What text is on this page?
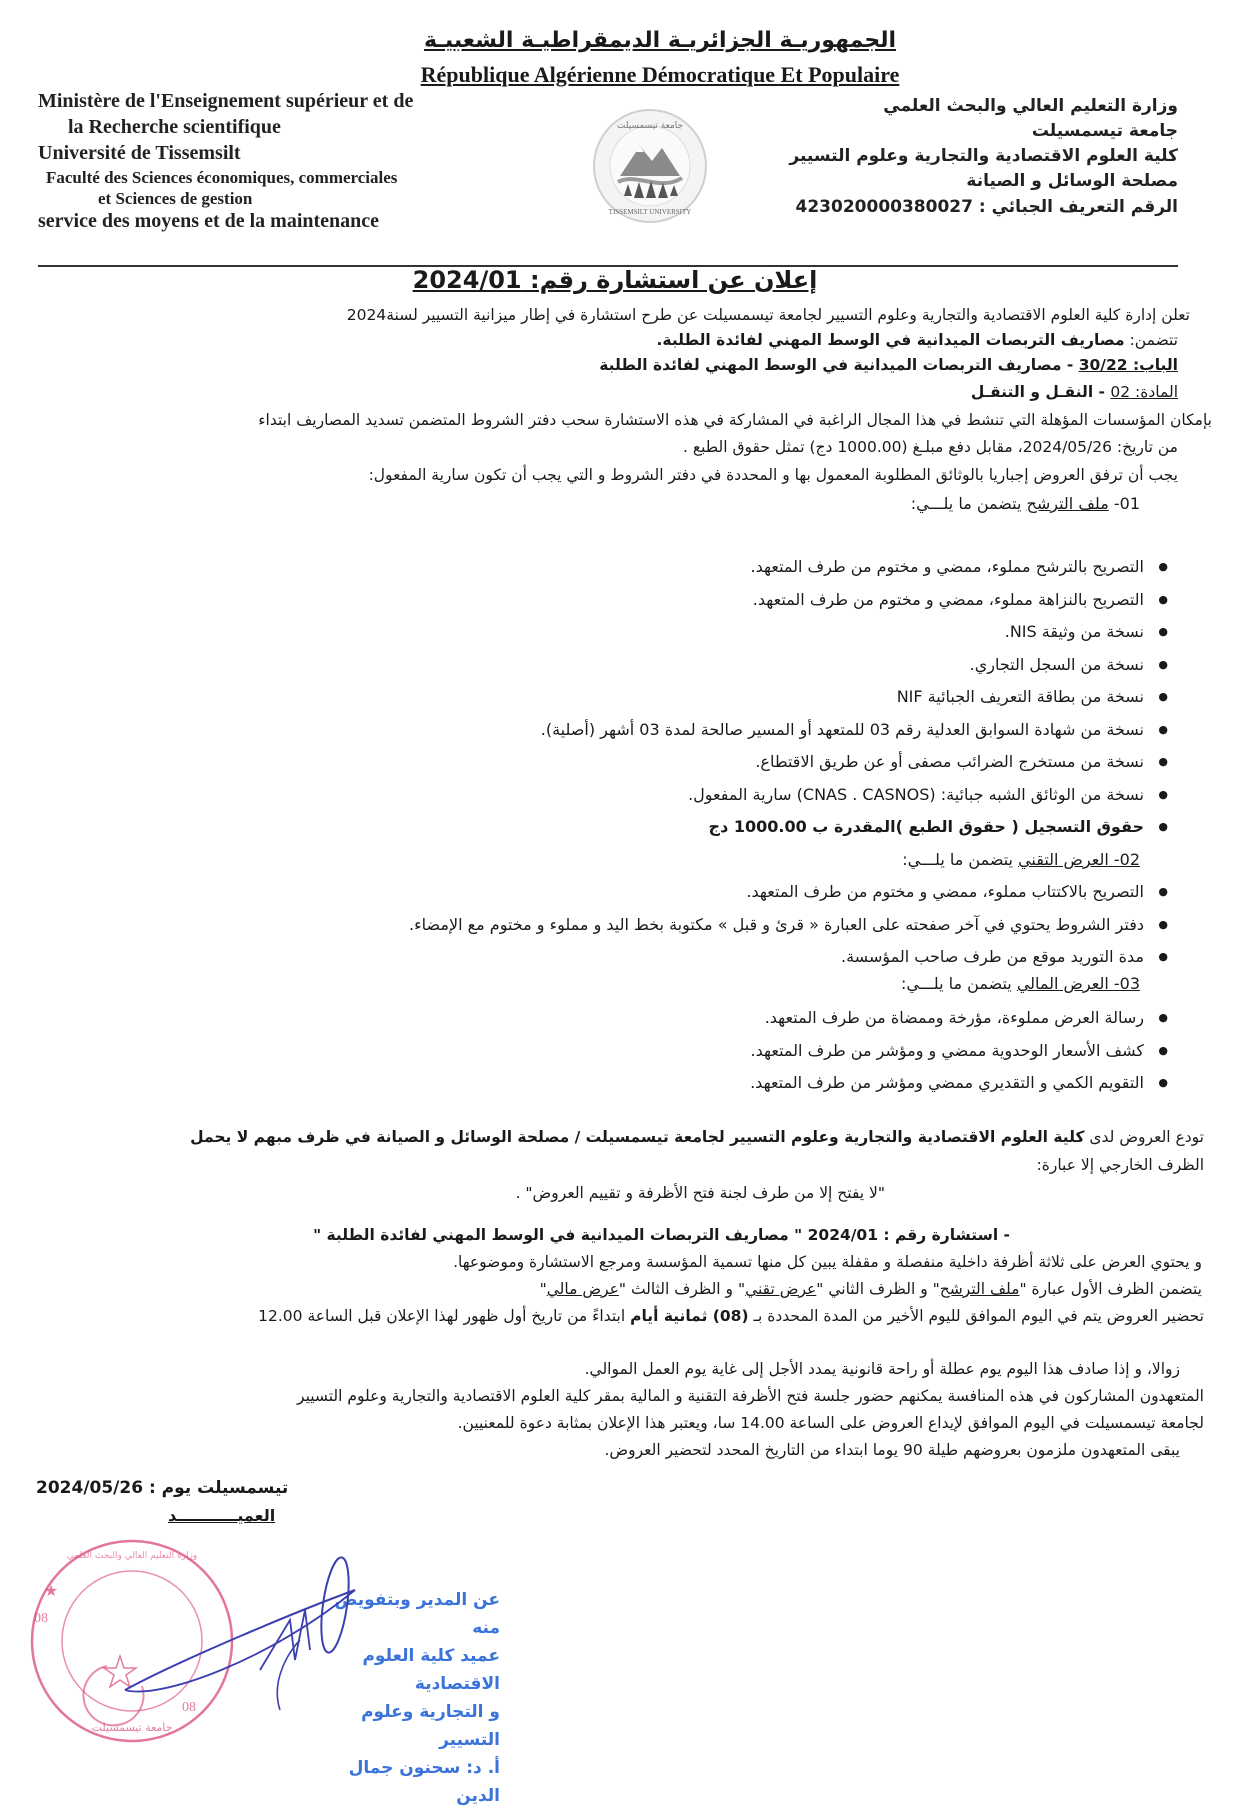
الجمهوريـة الجزائريـة الديمقراطيـة الشعبيـة
République Algérienne Démocratique Et Populaire
Ministère de l'Enseignement supérieur et de
la Recherche scientifique
Université de Tissemsilt
Faculté des Sciences économiques, commerciales
et Sciences de gestion
service des moyens et de la maintenance
وزارة التعليم العالي والبحث العلمي
جامعة تيسمسيلت
كلية العلوم الاقتصادية والتجارية وعلوم التسيير
مصلحة الوسائل و الصيانة
الرقم التعريف الجبائي : 423020000380027
TISSEMSILT UNIVERSITY
جامعة تيسمسيلت
إعلان عن استشارة رقم: 2024/01
تعلن إدارة كلية العلوم الاقتصادية والتجارية وعلوم التسيير لجامعة تيسمسيلت عن طرح استشارة في إطار ميزانية التسيير لسنة2024
تتضمن: مصاريف التربصات الميدانية في الوسط المهني لفائدة الطلبة.
الباب: 30/22 - مصاريف التربصات الميدانية في الوسط المهني لفائدة الطلبة
المادة: 02 - النقـل و التنقـل
بإمكان المؤسسات المؤهلة التي تنشط في هذا المجال الراغبة في المشاركة في هذه الاستشارة سحب دفتر الشروط المتضمن تسديد المصاريف ابتداء
من تاريخ: 2024/05/26، مقابل دفع مبلـغ (1000.00 دج) تمثل حقوق الطبع .
يجب أن ترفق العروض إجباريا بالوثائق المطلوبة المعمول بها و المحددة في دفتر الشروط و التي يجب أن تكون سارية المفعول:
01- ملف الترشح يتضمن ما يلـــي:
● التصريح بالترشح مملوء، ممضي و مختوم من طرف المتعهد.
● التصريح بالنزاهة مملوء، ممضي و مختوم من طرف المتعهد.
● نسخة من وثيقة NIS.
● نسخة من السجل التجاري.
● نسخة من بطاقة التعريف الجبائية NIF
● نسخة من شهادة السوابق العدلية رقم 03 للمتعهد أو المسير صالحة لمدة 03 أشهر (أصلية).
● نسخة من مستخرج الضرائب مصفى أو عن طريق الاقتطاع.
● نسخة من الوثائق الشبه جبائية: (CNAS . CASNOS) سارية المفعول.
● حقوق التسجيل ( حقوق الطبع )المقدرة ب 1000.00 دج
02- العرض التقني يتضمن ما يلـــي:
● التصريح بالاكتتاب مملوء، ممضي و مختوم من طرف المتعهد.
● دفتر الشروط يحتوي في آخر صفحته على العبارة « قرئ و قبل » مكتوبة بخط اليد و مملوء و مختوم مع الإمضاء.
● مدة التوريد موقع من طرف صاحب المؤسسة.
03- العرض المالي يتضمن ما يلـــي:
● رسالة العرض مملوءة، مؤرخة وممضاة من طرف المتعهد.
● كشف الأسعار الوحدوية ممضي و ومؤشر من طرف المتعهد.
● التقويم الكمي و التقديري ممضي ومؤشر من طرف المتعهد.
تودع العروض لدى كلية العلوم الاقتصادية والتجارية وعلوم التسيير لجامعة تيسمسيلت / مصلحة الوسائل و الصيانة في ظرف مبهم لا يحمل
الظرف الخارجي إلا عبارة:
"لا يفتح إلا من طرف لجنة فتح الأظرفة و تقييم العروض" .
- استشارة رقم : 2024/01 " مصاريف التربصات الميدانية في الوسط المهني لفائدة الطلبة "
و يحتوي العرض على ثلاثة أظرفة داخلية منفصلة و مقفلة يبين كل منها تسمية المؤسسة ومرجع الاستشارة وموضوعها.
يتضمن الظرف الأول عبارة "ملف الترشح" و الظرف الثاني "عرض تقني" و الظرف الثالث "عرض مالي"
تحضير العروض يتم في اليوم الموافق لليوم الأخير من المدة المحددة بـ (08) ثمانية أيام ابتداءً من تاريخ أول ظهور لهذا الإعلان قبل الساعة 12.00
زوالا، و إذا صادف هذا اليوم يوم عطلة أو راحة قانونية يمدد الأجل إلى غاية يوم العمل الموالي.
المتعهدون المشاركون في هذه المنافسة يمكنهم حضور جلسة فتح الأظرفة التقنية و المالية بمقر كلية العلوم الاقتصادية والتجارية وعلوم التسيير
لجامعة تيسمسيلت في اليوم الموافق لإيداع العروض على الساعة 14.00 سا، ويعتبر هذا الإعلان بمثابة دعوة للمعنيين.
يبقى المتعهدون ملزمون بعروضهم طيلة 90 يوما ابتداء من التاريخ المحدد لتحضير العروض.
تيسمسيلت يوم : 2024/05/26
العميـــــــــــد
★
08
08
جامعة تيسمسيلت
وزارة التعليم العالي والبحث العلمي
عن المدير وبتفويض منه
عميد كلية العلوم الاقتصادية
و التجارية وعلوم التسيير
أ. د: سحنون جمال الدين
